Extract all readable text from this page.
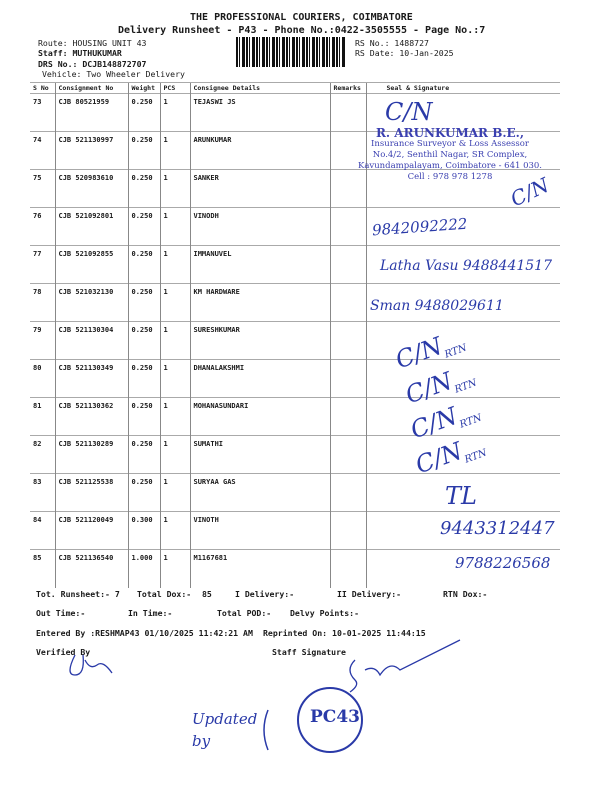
THE PROFESSIONAL COURIERS, COIMBATORE
Delivery Runsheet - P43 - Phone No.:0422-3505555 - Page No.:7
Route: HOUSING UNIT 43
Staff: MUTHUKUMAR
DRS No.: DCJB148872707
Vehicle: Two Wheeler Delivery
RS No.: 1488727
RS Date: 10-Jan-2025
S No	Consignment No	Weight	PCS	Consignee Details	Remarks	Seal & Signature
73	CJB 80521959	0.250	1	TEJASWI JS		
74	CJB 521130997	0.250	1	ARUNKUMAR		
75	CJB 520983610	0.250	1	SANKER		
76	CJB 521092801	0.250	1	VINODH		
77	CJB 521092855	0.250	1	IMMANUVEL		
78	CJB 521032130	0.250	1	KM HARDWARE		
79	CJB 521130304	0.250	1	SURESHKUMAR		
80	CJB 521130349	0.250	1	DHANALAKSHMI		
81	CJB 521130362	0.250	1	MOHANASUNDARI		
82	CJB 521130289	0.250	1	SUMATHI		
83	CJB 521125538	0.250	1	SURYAA GAS		
84	CJB 521120049	0.300	1	VINOTH		
85	CJB 521136540	1.000	1	M1167681		
R. ARUNKUMAR B.E.,
Insurance Surveyor & Loss Assessor
No.4/2, Senthil Nagar, SR Complex,
Kavundampalayam, Coimbatore - 641 030.
Cell : 978 978 1278
C/N
C/N
9842092222
Latha Vasu 9488441517
Sman 9488029611
$C/N_{RTN}$
$C/N_{RTN}$
$C/N_{RTN}$
$C/N_{RTN}$
TL
9443312447
9788226568
Tot. Runsheet:- 7 Total Dox:- 85	I Delivery:-	II Delivery:-	RTN Dox:-
Out Time:-	In Time:-	Total POD:- Delvy Points:-
Entered By :RESHMAP43 01/10/2025 11:42:21 AM Reprinted On: 10-01-2025 11:44:15
Verified By	Staff Signature
PC43
Updated by
